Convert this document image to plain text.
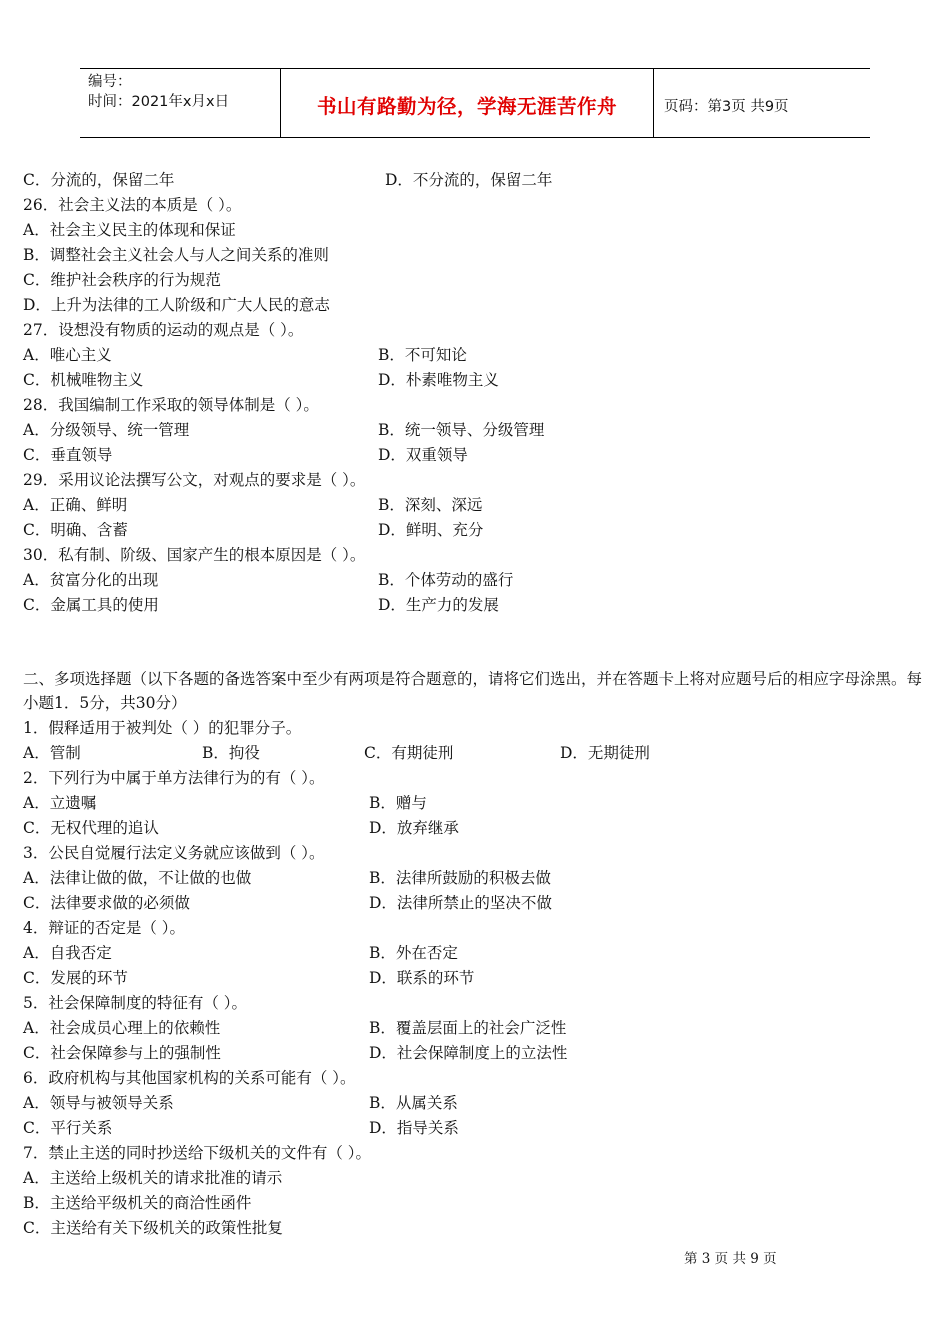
编号：
时间：2021年x月x日	书山有路勤为径，学海无涯苦作舟	页码：第3页 共9页
C．分流的，保留二年	D．不分流的，保留二年
26．社会主义法的本质是（ ）。
A．社会主义民主的体现和保证
B．调整社会主义社会人与人之间关系的准则
C．维护社会秩序的行为规范
D．上升为法律的工人阶级和广大人民的意志
27．设想没有物质的运动的观点是（ ）。
A．唯心主义	B．不可知论
C．机械唯物主义	D．朴素唯物主义
28．我国编制工作采取的领导体制是（ ）。
A．分级领导、统一管理	B．统一领导、分级管理
C．垂直领导	D．双重领导
29．采用议论法撰写公文，对观点的要求是（ ）。
A．正确、鲜明	B．深刻、深远
C．明确、含蓄	D．鲜明、充分
30．私有制、阶级、国家产生的根本原因是（ ）。
A．贫富分化的出现	B．个体劳动的盛行
C．金属工具的使用	D．生产力的发展
二、多项选择题（以下各题的备选答案中至少有两项是符合题意的，请将它们选出，并在答题卡上将对应题号后的相应字母涂黑。每小题1．5分，共30分）
1．假释适用于被判处（ ）的犯罪分子。
A．管制	B．拘役	C．有期徒刑	D．无期徒刑
2．下列行为中属于单方法律行为的有（ ）。
A．立遗嘱	B．赠与
C．无权代理的追认	D．放弃继承
3．公民自觉履行法定义务就应该做到（ ）。
A．法律让做的做，不让做的也做	B．法律所鼓励的积极去做
C．法律要求做的必须做	D．法律所禁止的坚决不做
4．辩证的否定是（ ）。
A．自我否定	B．外在否定
C．发展的环节	D．联系的环节
5．社会保障制度的特征有（ ）。
A．社会成员心理上的依赖性	B．覆盖层面上的社会广泛性
C．社会保障参与上的强制性	D．社会保障制度上的立法性
6．政府机构与其他国家机构的关系可能有（ ）。
A．领导与被领导关系	B．从属关系
C．平行关系	D．指导关系
7．禁止主送的同时抄送给下级机关的文件有（ ）。
A．主送给上级机关的请求批准的请示
B．主送给平级机关的商洽性函件
C．主送给有关下级机关的政策性批复
第 3 页 共 9 页
